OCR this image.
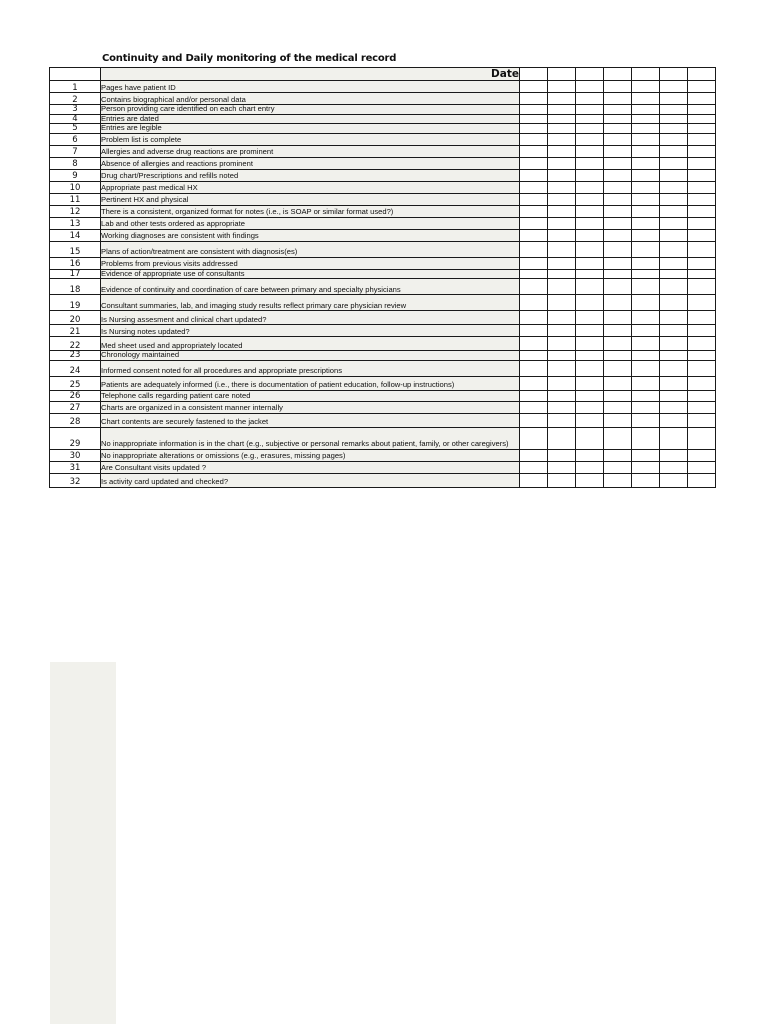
Continuity and Daily monitoring of the medical record
	Date							
1	Pages have patient ID							
2	Contains biographical and/or personal data							
3	Person providing care identified on each chart entry							
4	Entries are dated							
5	Entries are legible							
6	Problem list is complete							
7	Allergies and adverse drug reactions are prominent							
8	Absence of allergies and reactions prominent							
9	Drug chart/Prescriptions and refills noted							
10	Appropriate past medical HX							
11	Pertinent HX and physical							
12	There is a consistent, organized format for notes (i.e., is SOAP or similar format used?)							
13	Lab and other tests ordered as appropriate							
14	Working diagnoses are consistent with findings							
15	Plans of action/treatment are consistent with diagnosis(es)							
16	Problems from previous visits addressed							
17	Evidence of appropriate use of consultants							
18	Evidence of continuity and coordination of care between primary and specialty physicians							
19	Consultant summaries, lab, and imaging study results reflect primary care physician review							
20	Is Nursing assesment and clinical chart updated?							
21	Is Nursing notes updated?							
22	Med sheet used and appropriately located							
23	Chronology maintained							
24	Informed consent noted for all procedures and appropriate prescriptions							
25	Patients are adequately informed (i.e., there is documentation of patient education, follow-up instructions)							
26	Telephone calls regarding patient care noted							
27	Charts are organized in a consistent manner internally							
28	Chart contents are securely fastened to the jacket							
29	No inappropriate information is in the chart (e.g., subjective or personal remarks about patient, family, or other caregivers)							
30	No inappropriate alterations or omissions (e.g., erasures, missing pages)							
31	Are Consultant visits updated ?							
32	Is activity card updated and checked?							
